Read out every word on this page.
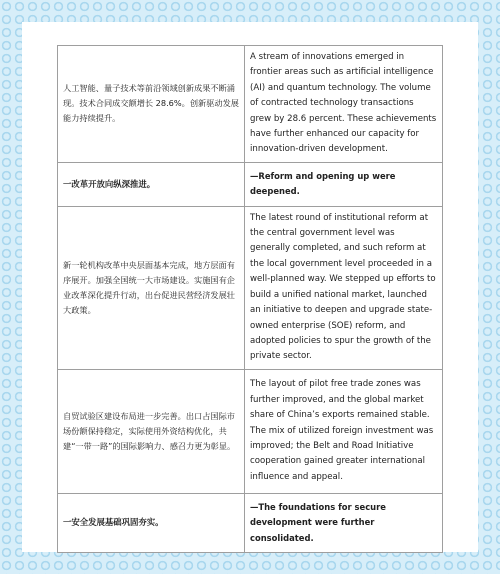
人工智能、量子技术等前沿领域创新成果不断涌现。技术合同成交额增长 28.6%。创新驱动发展能力持续提升。	A stream of innovations emerged in frontier areas such as artificial intelligence (AI) and quantum technology. The volume of contracted technology transactions grew by 28.6 percent. These achievements have further enhanced our capacity for innovation-driven development.
一改革开放向纵深推进。	—Reform and opening up were deepened.
新一轮机构改革中央层面基本完成，地方层面有序展开。加强全国统一大市场建设。实施国有企业改革深化提升行动，出台促进民营经济发展壮大政策。	The latest round of institutional reform at the central government level was generally completed, and such reform at the local government level proceeded in a well-planned way. We stepped up efforts to build a unified national market, launched an initiative to deepen and upgrade state-owned enterprise (SOE) reform, and adopted policies to spur the growth of the private sector.
自贸试验区建设布局进一步完善。出口占国际市场份额保持稳定，实际使用外资结构优化，共建“一带一路”的国际影响力、感召力更为彰显。	The layout of pilot free trade zones was further improved, and the global market share of China’s exports remained stable. The mix of utilized foreign investment was improved; the Belt and Road Initiative cooperation gained greater international influence and appeal.
一安全发展基础巩固夯实。	—The foundations for secure development were further consolidated.
